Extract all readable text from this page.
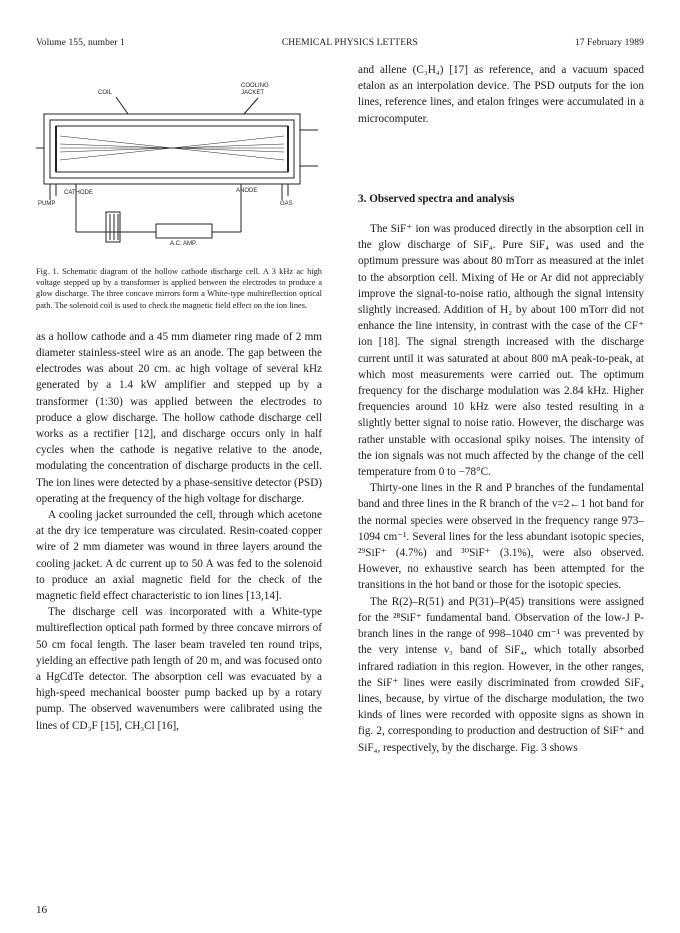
Volume 155, number 1	CHEMICAL PHYSICS LETTERS	17 February 1989
COIL
COOLING
JACKET
CATHODE	ANODE
PUMP	GAS
A.C. AMP.
Fig. 1. Schematic diagram of the hollow cathode discharge cell. A 3 kHz ac high voltage stepped up by a transformer is applied between the electrodes to produce a glow discharge. The three concave mirrors form a White-type multireflection optical path. The solenoid coil is used to check the magnetic field effect on the ion lines.

as a hollow cathode and a 45 mm diameter ring made of 2 mm diameter stainless-steel wire as an anode. The gap between the electrodes was about 20 cm. ac high voltage of several kHz generated by a 1.4 kW amplifier and stepped up by a transformer (1:30) was applied between the electrodes to produce a glow discharge. The hollow cathode discharge cell works as a rectifier [12], and discharge occurs only in half cycles when the cathode is negative relative to the anode, modulating the concentration of discharge products in the cell. The ion lines were detected by a phase-sensitive detector (PSD) operating at the frequency of the high voltage for discharge.

A cooling jacket surrounded the cell, through which acetone at the dry ice temperature was circulated. Resin-coated copper wire of 2 mm diameter was wound in three layers around the cooling jacket. A dc current up to 50 A was fed to the solenoid to produce an axial magnetic field for the check of the magnetic field effect characteristic to ion lines [13,14].

The discharge cell was incorporated with a White-type multireflection optical path formed by three concave mirrors of 50 cm focal length. The laser beam traveled ten round trips, yielding an effective path length of 20 m, and was focused onto a HgCdTe detector. The absorption cell was evacuated by a high-speed mechanical booster pump backed up by a rotary pump. The observed wavenumbers were calibrated using the lines of CD₃F [15], CH₃Cl [16],

and allene (C₃H₄) [17] as reference, and a vacuum spaced etalon as an interpolation device. The PSD outputs for the ion lines, reference lines, and etalon fringes were accumulated in a microcomputer.

3. Observed spectra and analysis

The SiF⁺ ion was produced directly in the absorption cell in the glow discharge of SiF₄. Pure SiF₄ was used and the optimum pressure was about 80 mTorr as measured at the inlet to the absorption cell. Mixing of He or Ar did not appreciably improve the signal-to-noise ratio, although the signal intensity slightly increased. Addition of H₂ by about 100 mTorr did not enhance the line intensity, in contrast with the case of the CF⁺ ion [18]. The signal strength increased with the discharge current until it was saturated at about 800 mA peak-to-peak, at which most measurements were carried out. The optimum frequency for the discharge modulation was 2.84 kHz. Higher frequencies around 10 kHz were also tested resulting in a slightly better signal to noise ratio. However, the discharge was rather unstable with occasional spiky noises. The intensity of the ion signals was not much affected by the change of the cell temperature from 0 to −78°C.

Thirty-one lines in the R and P branches of the fundamental band and three lines in the R branch of the v=2←1 hot band for the normal species were observed in the frequency range 973–1094 cm⁻¹. Several lines for the less abundant isotopic species, ²⁹SiF⁺ (4.7%) and ³⁰SiF⁺ (3.1%), were also observed. However, no exhaustive search has been attempted for the transitions in the hot band or those for the isotopic species.

The R(2)–R(51) and P(31)–P(45) transitions were assigned for the ²⁸SiF⁺ fundamental band. Observation of the low-J P-branch lines in the range of 998–1040 cm⁻¹ was prevented by the very intense ν₃ band of SiF₄, which totally absorbed infrared radiation in this region. However, in the other ranges, the SiF⁺ lines were easily discriminated from crowded SiF₄ lines, because, by virtue of the discharge modulation, the two kinds of lines were recorded with opposite signs as shown in fig. 2, corresponding to production and destruction of SiF⁺ and SiF₄, respectively, by the discharge. Fig. 3 shows

16
